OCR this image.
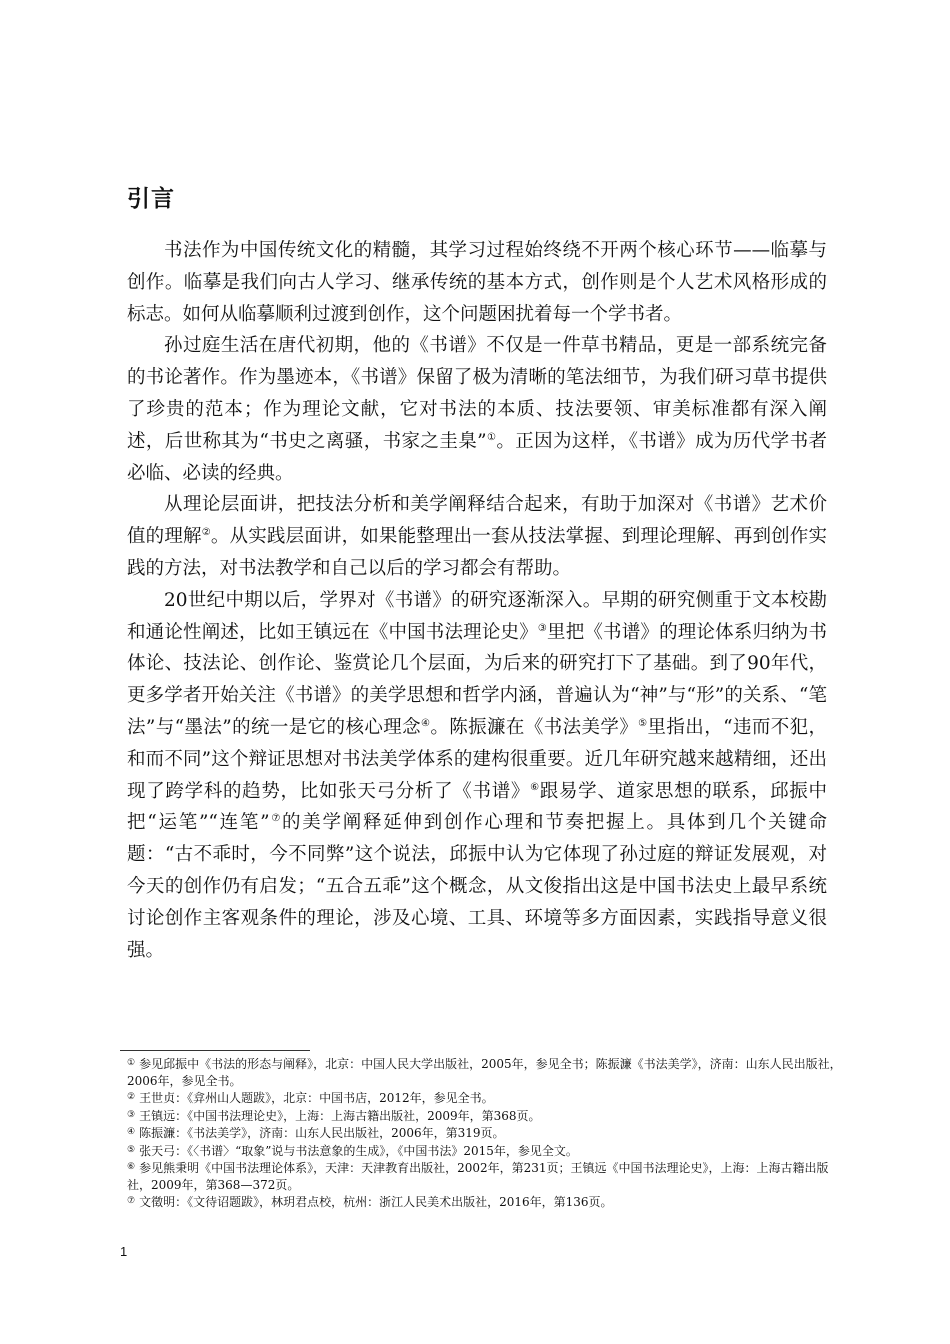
引言

书法作为中国传统文化的精髓，其学习过程始终绕不开两个核心环节——临摹与创作。临摹是我们向古人学习、继承传统的基本方式，创作则是个人艺术风格形成的标志。如何从临摹顺利过渡到创作，这个问题困扰着每一个学书者。

孙过庭生活在唐代初期，他的《书谱》不仅是一件草书精品，更是一部系统完备的书论著作。作为墨迹本，《书谱》保留了极为清晰的笔法细节，为我们研习草书提供了珍贵的范本；作为理论文献，它对书法的本质、技法要领、审美标准都有深入阐述，后世称其为“书史之离骚，书家之圭臬”①。正因为这样，《书谱》成为历代学书者必临、必读的经典。

从理论层面讲，把技法分析和美学阐释结合起来，有助于加深对《书谱》艺术价值的理解②。从实践层面讲，如果能整理出一套从技法掌握、到理论理解、再到创作实践的方法，对书法教学和自己以后的学习都会有帮助。

20世纪中期以后，学界对《书谱》的研究逐渐深入。早期的研究侧重于文本校勘和通论性阐述，比如王镇远在《中国书法理论史》③里把《书谱》的理论体系归纳为书体论、技法论、创作论、鉴赏论几个层面，为后来的研究打下了基础。到了90年代，更多学者开始关注《书谱》的美学思想和哲学内涵，普遍认为“神”与“形”的关系、“笔法”与“墨法”的统一是它的核心理念④。陈振濂在《书法美学》⑤里指出，“违而不犯，和而不同”这个辩证思想对书法美学体系的建构很重要。近几年研究越来越精细，还出现了跨学科的趋势，比如张天弓分析了《书谱》⑥跟易学、道家思想的联系，邱振中把“运笔”“连笔”⑦的美学阐释延伸到创作心理和节奏把握上。具体到几个关键命题：“古不乖时，今不同弊”这个说法，邱振中认为它体现了孙过庭的辩证发展观，对今天的创作仍有启发；“五合五乖”这个概念，从文俊指出这是中国书法史上最早系统讨论创作主客观条件的理论，涉及心境、工具、环境等多方面因素，实践指导意义很强。

① 参见邱振中《书法的形态与阐释》，北京：中国人民大学出版社，2005年，参见全书；陈振濂《书法美学》，济南：山东人民出版社，2006年，参见全书。
② 王世贞：《弇州山人题跋》，北京：中国书店，2012年，参见全书。
③ 王镇远：《中国书法理论史》，上海：上海古籍出版社，2009年，第368页。
④ 陈振濂：《书法美学》，济南：山东人民出版社，2006年，第319页。
⑤ 张天弓：《〈书谱〉“取象”说与书法意象的生成》，《中国书法》2015年，参见全文。
⑥ 参见熊秉明《中国书法理论体系》，天津：天津教育出版社，2002年，第231页；王镇远《中国书法理论史》，上海：上海古籍出版社，2009年，第368—372页。
⑦ 文徵明：《文待诏题跋》，林玥君点校，杭州：浙江人民美术出版社，2016年，第136页。
1
